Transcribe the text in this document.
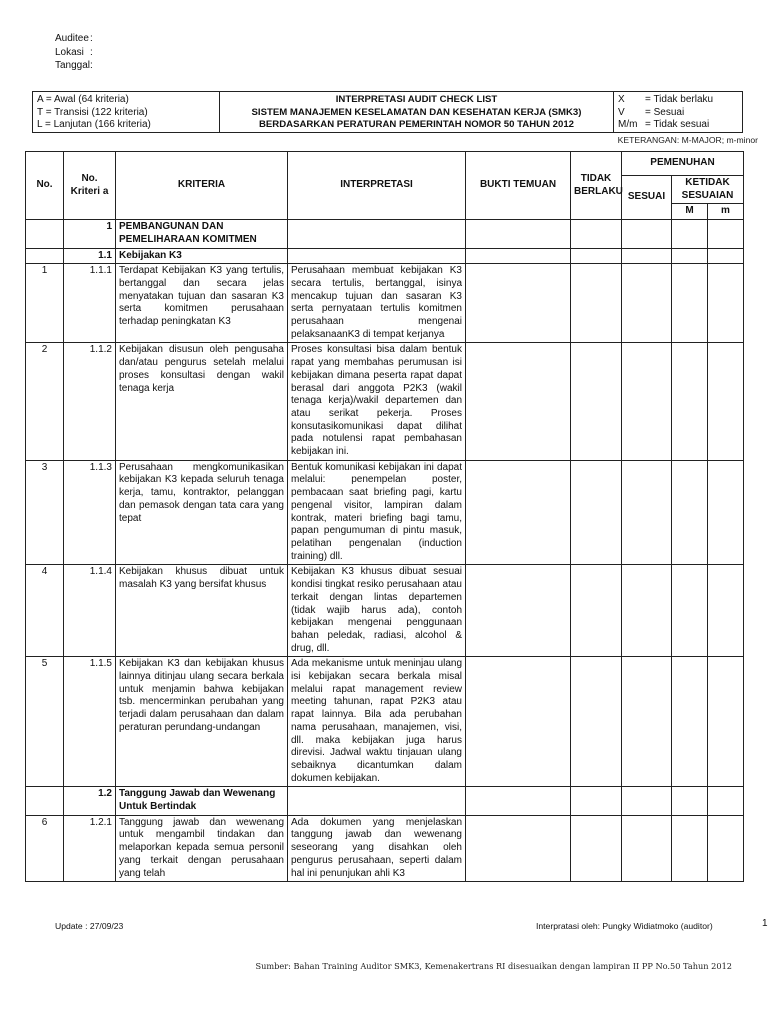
Auditee :
Lokasi :
Tanggal :
A = Awal (64 kriteria)
T = Transisi (122 kriteria)
L = Lanjutan (166 kriteria)
INTERPRETASI AUDIT CHECK LIST
SISTEM MANAJEMEN KESELAMATAN DAN KESEHATAN KERJA (SMK3)
BERDASARKAN PERATURAN PEMERINTAH NOMOR 50 TAHUN 2012
X	= Tidak berlaku
V	= Sesuai
M/m = Tidak sesuai
KETERANGAN: M-MAJOR; m-minor
No.	No. Kriteri a	KRITERIA	INTERPRETASI	BUKTI TEMUAN	TIDAK BERLAKU	PEMENUHAN		
						SESUAI	KETIDAK SESUAIAN	
							M	m
	1	PEMBANGUNAN DAN PEMELIHARAAN KOMITMEN						
	1.1	Kebijakan K3						
1	1.1.1	Terdapat Kebijakan K3 yang tertulis, bertanggal dan secara jelas menyatakan tujuan dan sasaran K3 serta komitmen perusahaan terhadap peningkatan K3	Perusahaan membuat kebijakan K3 secara tertulis, bertanggal, isinya mencakup tujuan dan sasaran K3 serta pernyataan tertulis komitmen perusahaan mengenai pelaksanaanK3 di tempat kerjanya					
2	1.1.2	Kebijakan disusun oleh pengusaha dan/atau pengurus setelah melalui proses konsultasi dengan wakil tenaga kerja	Proses konsultasi bisa dalam bentuk rapat yang membahas perumusan isi kebijakan dimana peserta rapat dapat berasal dari anggota P2K3 (wakil tenaga kerja)/wakil departemen dan atau serikat pekerja. Proses konsutasikomunikasi dapat dilihat pada notulensi rapat pembahasan kebijakan ini.					
3	1.1.3	Perusahaan mengkomunikasikan kebijakan K3 kepada seluruh tenaga kerja, tamu, kontraktor, pelanggan dan pemasok dengan tata cara yang tepat	Bentuk komunikasi kebijakan ini dapat melalui: penempelan poster, pembacaan saat briefing pagi, kartu pengenal visitor, lampiran dalam kontrak, materi briefing bagi tamu, papan pengumuman di pintu masuk, pelatihan pengenalan (induction training) dll.					
4	1.1.4	Kebijakan khusus dibuat untuk masalah K3 yang bersifat khusus	Kebijakan K3 khusus dibuat sesuai kondisi tingkat resiko perusahaan atau terkait dengan lintas departemen (tidak wajib harus ada), contoh kebijakan mengenai penggunaan bahan peledak, radiasi, alcohol & drug, dll.					
5	1.1.5	Kebijakan K3 dan kebijakan khusus lainnya ditinjau ulang secara berkala untuk menjamin bahwa kebijakan tsb. mencerminkan perubahan yang terjadi dalam perusahaan dan dalam peraturan perundang-undangan	Ada mekanisme untuk meninjau ulang isi kebijakan secara berkala misal melalui rapat management review meeting tahunan, rapat P2K3 atau rapat lainnya. Bila ada perubahan nama perusahaan, manajemen, visi, dll. maka kebijakan juga harus direvisi. Jadwal waktu tinjauan ulang sebaiknya dicantumkan dalam dokumen kebijakan.					
	1.2	Tanggung Jawab dan Wewenang Untuk Bertindak						
6	1.2.1	Tanggung jawab dan wewenang untuk mengambil tindakan dan melaporkan kepada semua personil yang terkait dengan perusahaan yang telah	Ada dokumen yang menjelaskan tanggung jawab dan wewenang seseorang yang disahkan oleh pengurus perusahaan, seperti dalam hal ini penunjukan ahli K3					
Update : 27/09/23	Interpratasi oleh: Pungky Widiatmoko (auditor)	1
Sumber: Bahan Training Auditor SMK3, Kemenakertrans RI disesuaikan dengan lampiran II PP No.50 Tahun 2012
